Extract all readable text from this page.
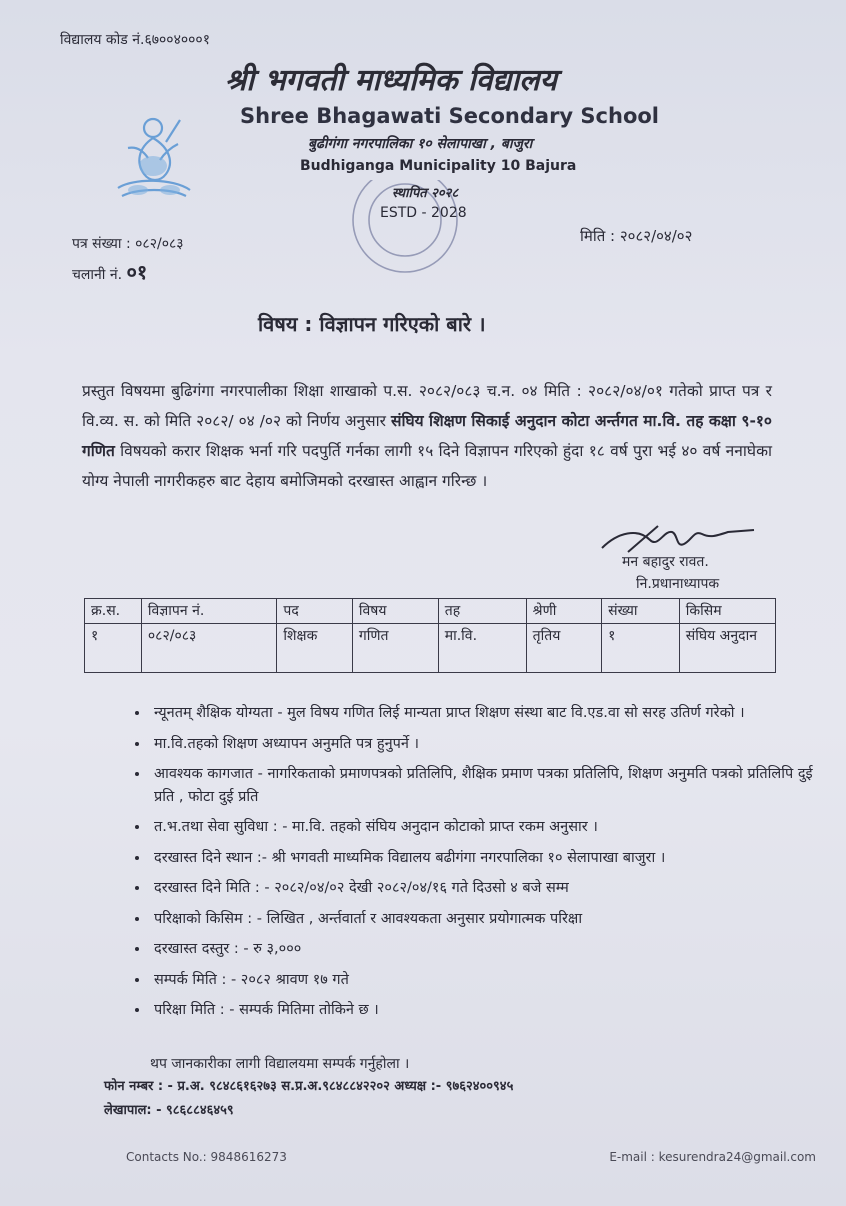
विद्यालय कोड नं.६७००४०००१
श्री भगवती माध्यमिक विद्यालय
Shree Bhagawati Secondary School
बुढीगंगा नगरपालिका १० सेलापाखा , बाजुरा
Budhiganga Municipality 10 Bajura
स्थापित २०२८
ESTD - 2028
पत्र संख्या : ०८२/०८३
चलानी नं. ०१
मिति : २०८२/०४/०२
विषय : विज्ञापन गरिएको बारे ।
प्रस्तुत विषयमा बुढिगंगा नगरपालीका शिक्षा शाखाको प.स. २०८२/०८३ च.न. ०४ मिति : २०८२/०४/०१ गतेको प्राप्त पत्र र वि.व्य. स. को मिति २०८२/ ०४ /०२ को निर्णय अनुसार संघिय शिक्षण सिकाई अनुदान कोटा अर्न्तगत मा.वि. तह कक्षा ९-१० गणित विषयको करार शिक्षक भर्ना गरि पदपुर्ति गर्नका लागी १५ दिने विज्ञापन गरिएको हुंदा १८ वर्ष पुरा भई ४० वर्ष ननाघेका योग्य नेपाली नागरीकहरु बाट देहाय बमोजिमको दरखास्त आह्वान गरिन्छ ।
मन बहादुर रावत.
नि.प्रधानाध्यापक
क्र.स.	विज्ञापन नं.	पद	विषय	तह	श्रेणी	संख्या	किसिम
१	०८२/०८३	शिक्षक	गणित	मा.वि.	तृतिय	१	संघिय अनुदान
• न्यूनतम् शैक्षिक योग्यता - मुल विषय गणित लिई मान्यता प्राप्त शिक्षण संस्था बाट वि.एड.वा सो सरह उतिर्ण गरेको ।
• मा.वि.तहको शिक्षण अध्यापन अनुमति पत्र हुनुपर्ने ।
• आवश्यक कागजात - नागरिकताको प्रमाणपत्रको प्रतिलिपि, शैक्षिक प्रमाण पत्रका प्रतिलिपि, शिक्षण अनुमति पत्रको प्रतिलिपि दुई प्रति , फोटा दुई प्रति
• त.भ.तथा सेवा सुविधा : - मा.वि. तहको संघिय अनुदान कोटाको प्राप्त रकम अनुसार ।
• दरखास्त दिने स्थान :- श्री भगवती माध्यमिक विद्यालय बढीगंगा नगरपालिका १० सेलापाखा बाजुरा ।
• दरखास्त दिने मिति : - २०८२/०४/०२ देखी २०८२/०४/१६ गते दिउसो ४ बजे सम्म
• परिक्षाको किसिम : - लिखित , अर्न्तवार्ता र आवश्यकता अनुसार प्रयोगात्मक परिक्षा
• दरखास्त दस्तुर : - रु ३,०००
• सम्पर्क मिति : - २०८२ श्रावण १७ गते
• परिक्षा मिति : - सम्पर्क मितिमा तोकिने छ ।
थप जानकारीका लागी विद्यालयमा सम्पर्क गर्नुहोला ।
फोन नम्बर : - प्र.अ. ९८४८६१६२७३ स.प्र.अ.९८४८८४२२०२ अध्यक्ष :- ९७६२४००९४५
लेखापाल: - ९८६८८४६४५९
Contacts No.: 9848616273	E-mail : kesurendra24@gmail.com
